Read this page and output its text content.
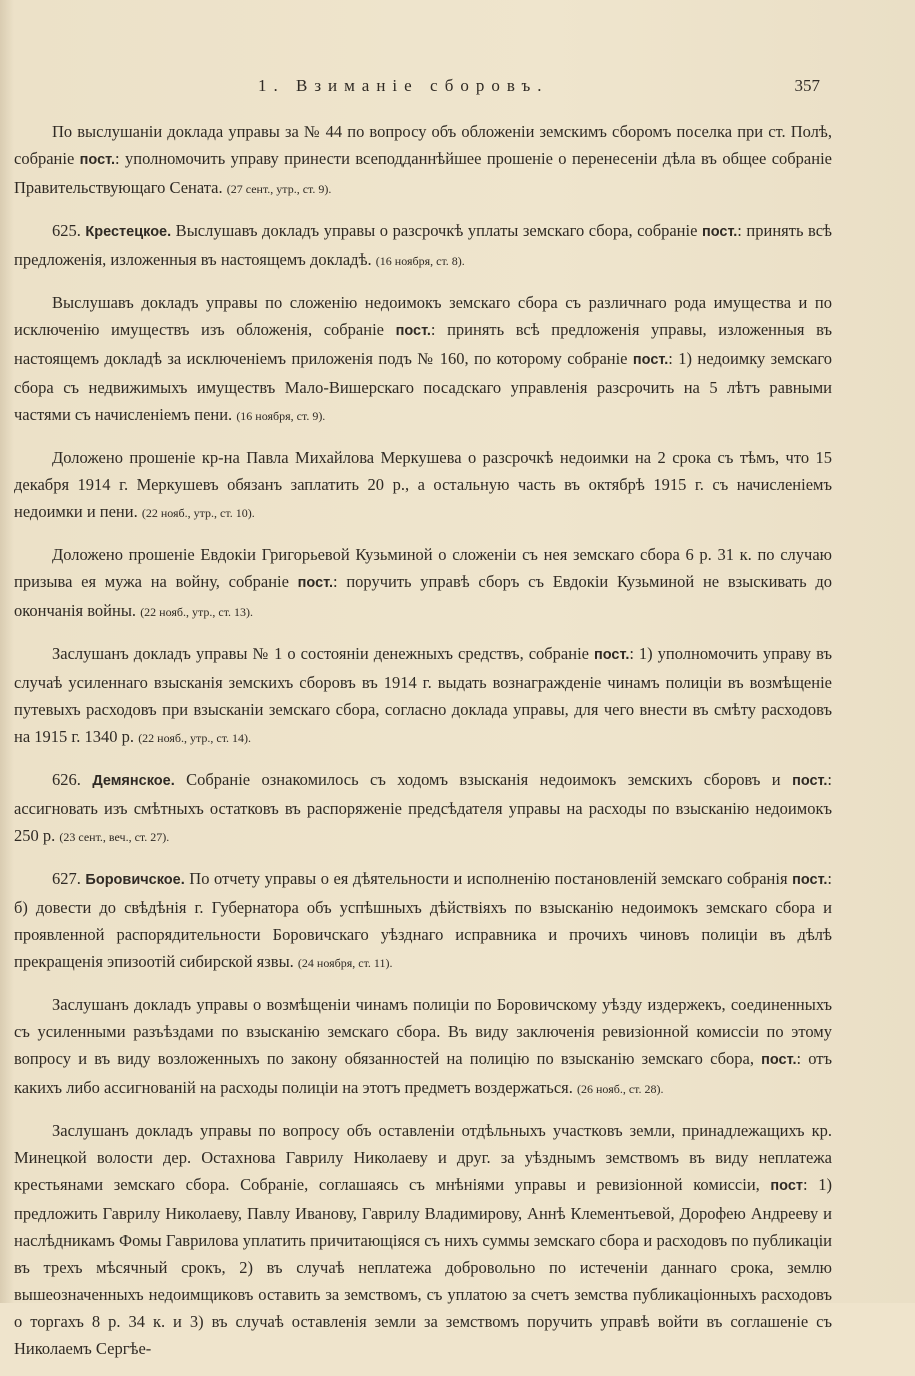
1. Взиманіе сборовъ.	357

По выслушаніи доклада управы за № 44 по вопросу объ обложеніи земскимъ сборомъ поселка при ст. Полѣ, собраніе пост.: уполномочить управу принести всеподданнѣйшее прошеніе о перенесеніи дѣла въ общее собраніе Правительствующаго Сената. (27 сент., утр., ст. 9).

625. Крестецкое. Выслушавъ докладъ управы о разсрочкѣ уплаты земскаго сбора, собраніе пост.: принять всѣ предложенія, изложенныя въ настоящемъ докладѣ. (16 ноября, ст. 8).

Выслушавъ докладъ управы по сложенію недоимокъ земскаго сбора съ различнаго рода имущества и по исключенію имуществъ изъ обложенія, собраніе пост.: принять всѣ предложенія управы, изложенныя въ настоящемъ докладѣ за исключеніемъ приложенія подъ № 160, по которому собраніе пост.: 1) недоимку земскаго сбора съ недвижимыхъ имуществъ Мало-Вишерскаго посадскаго управленія разсрочить на 5 лѣтъ равными частями съ начисленіемъ пени. (16 ноября, ст. 9).

Доложено прошеніе кр-на Павла Михайлова Меркушева о разсрочкѣ недоимки на 2 срока съ тѣмъ, что 15 декабря 1914 г. Меркушевъ обязанъ заплатить 20 р., а остальную часть въ октябрѣ 1915 г. съ начисленіемъ недоимки и пени. (22 нояб., утр., ст. 10).

Доложено прошеніе Евдокіи Григорьевой Кузьминой о сложеніи съ нея земскаго сбора 6 р. 31 к. по случаю призыва ея мужа на войну, собраніе пост.: поручить управѣ сборъ съ Евдокіи Кузьминой не взыскивать до окончанія войны. (22 нояб., утр., ст. 13).

Заслушанъ докладъ управы № 1 о состояніи денежныхъ средствъ, собраніе пост.: 1) уполномочить управу въ случаѣ усиленнаго взысканія земскихъ сборовъ въ 1914 г. выдать вознагражденіе чинамъ полиціи въ возмѣщеніе путевыхъ расходовъ при взысканіи земскаго сбора, согласно доклада управы, для чего внести въ смѣту расходовъ на 1915 г. 1340 р. (22 нояб., утр., ст. 14).

626. Демянское. Собраніе ознакомилось съ ходомъ взысканія недоимокъ земскихъ сборовъ и пост.: ассигновать изъ смѣтныхъ остатковъ въ распоряженіе предсѣдателя управы на расходы по взысканію недоимокъ 250 р. (23 сент., веч., ст. 27).

627. Боровичское. По отчету управы о ея дѣятельности и исполненію постановленій земскаго собранія пост.: б) довести до свѣдѣнія г. Губернатора объ успѣшныхъ дѣйствіяхъ по взысканію недоимокъ земскаго сбора и проявленной распорядительности Боровичскаго уѣзднаго исправника и прочихъ чиновъ полиціи въ дѣлѣ прекращенія эпизоотій сибирской язвы. (24 ноября, ст. 11).

Заслушанъ докладъ управы о возмѣщеніи чинамъ полиціи по Боровичскому уѣзду издержекъ, соединенныхъ съ усиленными разъѣздами по взысканію земскаго сбора. Въ виду заключенія ревизіонной комиссіи по этому вопросу и въ виду возложенныхъ по закону обязанностей на полицію по взысканію земскаго сбора, пост.: отъ какихъ либо ассигнованій на расходы полиціи на этотъ предметъ воздержаться. (26 нояб., ст. 28).

Заслушанъ докладъ управы по вопросу объ оставленіи отдѣльныхъ участковъ земли, принадлежащихъ кр. Минецкой волости дер. Остахнова Гаврилу Николаеву и друг. за уѣзднымъ земствомъ въ виду неплатежа крестьянами земскаго сбора. Собраніе, соглашаясь съ мнѣніями управы и ревизіонной комиссіи, пост: 1) предложить Гаврилу Николаеву, Павлу Иванову, Гаврилу Владимирову, Аннѣ Клементьевой, Дорофею Андрееву и наслѣдникамъ Фомы Гаврилова уплатить причитающіяся съ нихъ суммы земскаго сбора и расходовъ по публикаціи въ трехъ мѣсячный срокъ, 2) въ случаѣ неплатежа добровольно по истеченіи даннаго срока, землю вышеозначенныхъ недоимщиковъ оставить за земствомъ, съ уплатою за счетъ земства публикаціонныхъ расходовъ о торгахъ 8 р. 34 к. и 3) въ случаѣ оставленія земли за земствомъ поручить управѣ войти въ соглашеніе съ Николаемъ Сергѣе-
